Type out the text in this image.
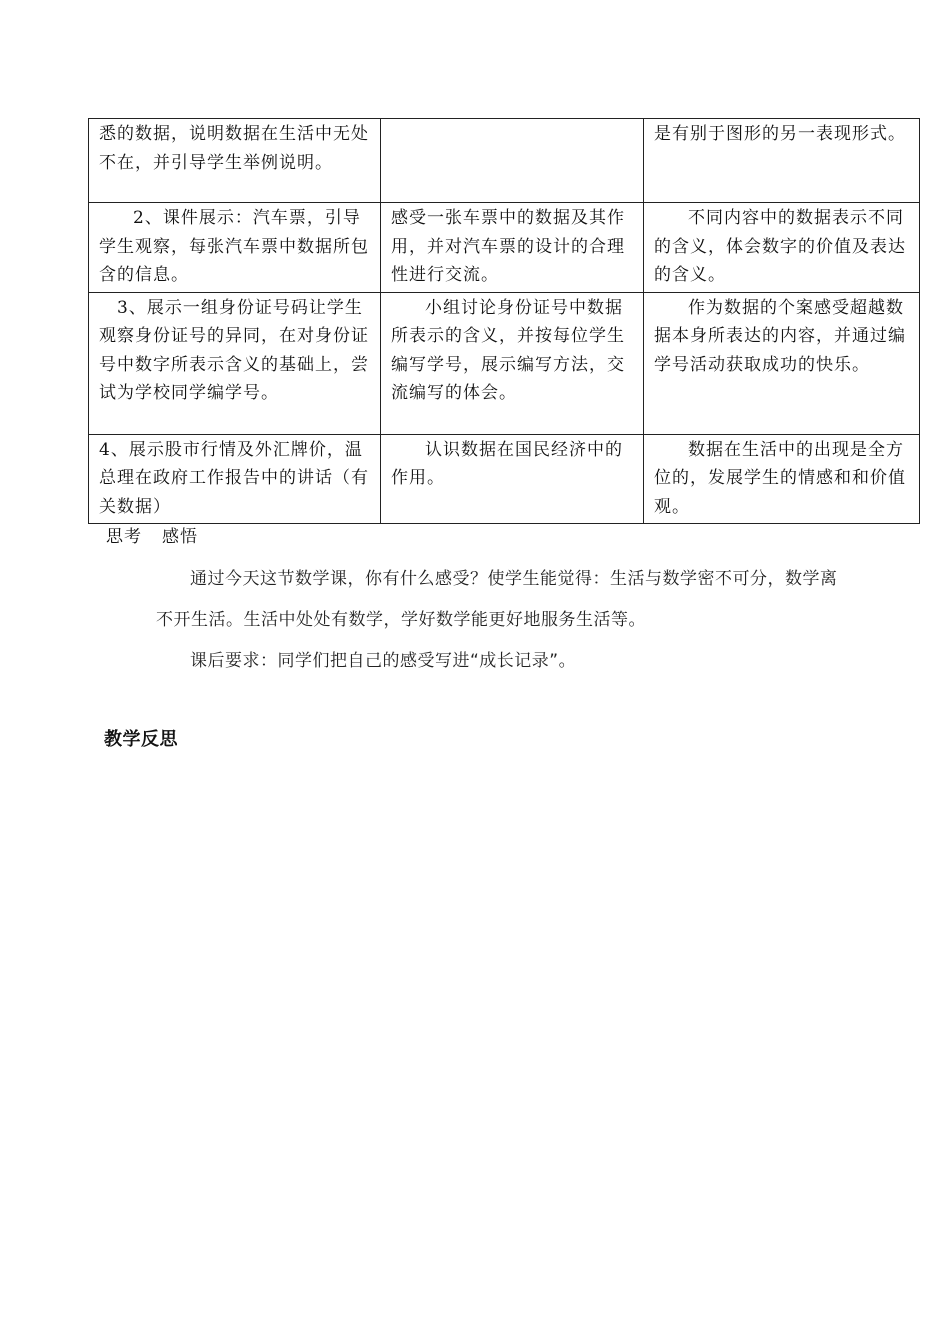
悉的数据，说明数据在生活中无处不在，并引导学生举例说明。		是有别于图形的另一表现形式。
2、课件展示：汽车票，引导学生观察，每张汽车票中数据所包含的信息。	感受一张车票中的数据及其作用，并对汽车票的设计的合理性进行交流。	不同内容中的数据表示不同的含义，体会数字的价值及表达的含义。
3、展示一组身份证号码让学生观察身份证号的异同，在对身份证号中数字所表示含义的基础上，尝试为学校同学编学号。	小组讨论身份证号中数据所表示的含义，并按每位学生编写学号，展示编写方法，交流编写的体会。	作为数据的个案感受超越数据本身所表达的内容，并通过编学号活动获取成功的快乐。
4、展示股市行情及外汇牌价，温总理在政府工作报告中的讲话（有关数据）	认识数据在国民经济中的作用。	数据在生活中的出现是全方位的，发展学生的情感和和价值观。
思考 感悟
通过今天这节数学课，你有什么感受？使学生能觉得：生活与数学密不可分，数学离
不开生活。生活中处处有数学，学好数学能更好地服务生活等。
课后要求：同学们把自己的感受写进“成长记录”。
教学反思
